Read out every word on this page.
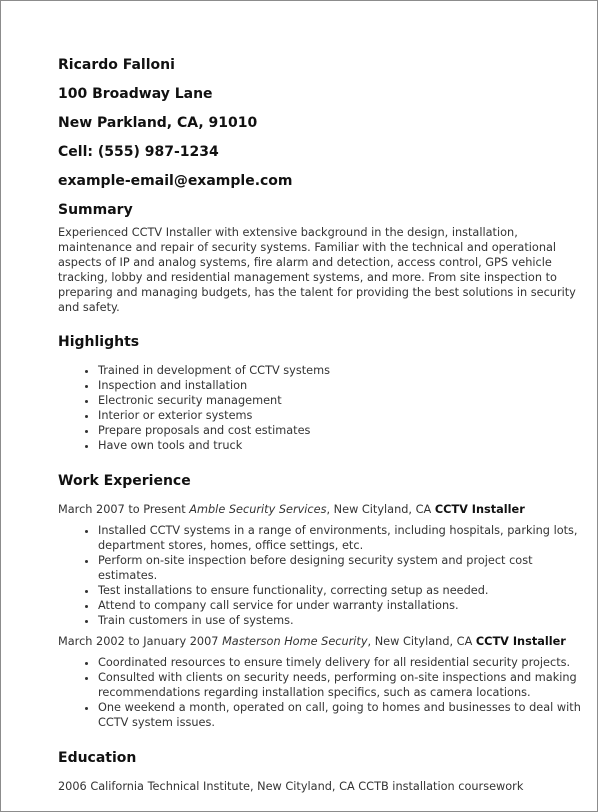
Ricardo Falloni

100 Broadway Lane

New Parkland, CA, 91010

Cell: (555) 987-1234

example-email@example.com

Summary

Experienced CCTV Installer with extensive background in the design, installation, maintenance and repair of security systems. Familiar with the technical and operational aspects of IP and analog systems, fire alarm and detection, access control, GPS vehicle tracking, lobby and residential management systems, and more. From site inspection to preparing and managing budgets, has the talent for providing the best solutions in security and safety.

Highlights
• Trained in development of CCTV systems
• Inspection and installation
• Electronic security management
• Interior or exterior systems
• Prepare proposals and cost estimates
• Have own tools and truck
Work Experience

March 2007 to Present Amble Security Services, New Cityland, CA CCTV Installer

• Installed CCTV systems in a range of environments, including hospitals, parking lots, department stores, homes, office settings, etc.
• Perform on-site inspection before designing security system and project cost estimates.
• Test installations to ensure functionality, correcting setup as needed.
• Attend to company call service for under warranty installations.
• Train customers in use of systems.

March 2002 to January 2007 Masterson Home Security, New Cityland, CA CCTV Installer

• Coordinated resources to ensure timely delivery for all residential security projects.
• Consulted with clients on security needs, performing on-site inspections and making recommendations regarding installation specifics, such as camera locations.
• One weekend a month, operated on call, going to homes and businesses to deal with CCTV system issues.
Education

2006 California Technical Institute, New Cityland, CA CCTB installation coursework
